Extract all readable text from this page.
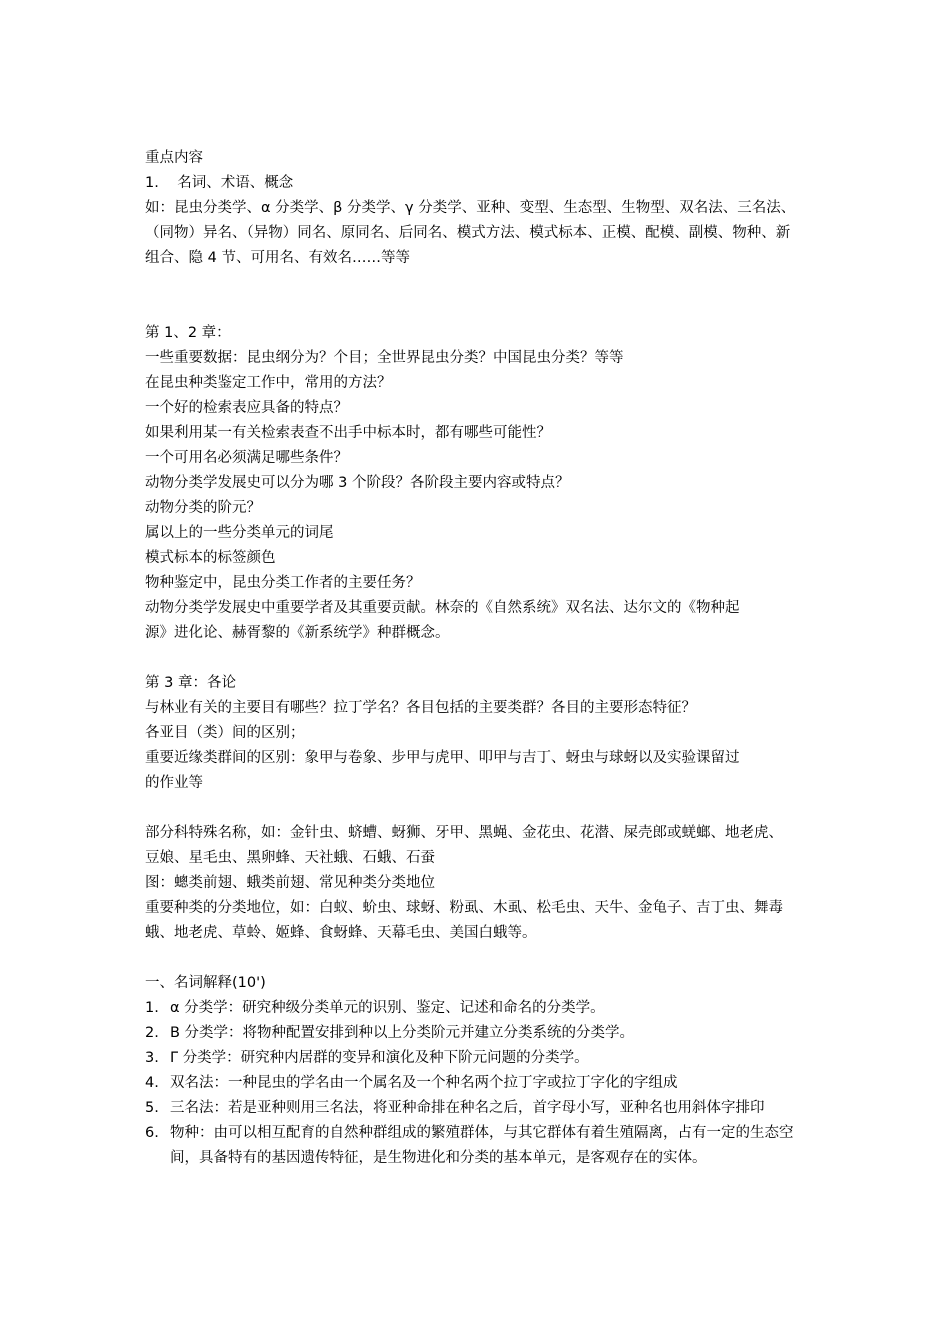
重点内容

1. 名词、术语、概念

如：昆虫分类学、α 分类学、β 分类学、γ 分类学、亚种、变型、生态型、生物型、双名法、三名法、

（同物）异名、（异物）同名、原同名、后同名、模式方法、模式标本、正模、配模、副模、物种、新

组合、隐 4 节、可用名、有效名……等等

第 1、2 章：

一些重要数据：昆虫纲分为？个目；全世界昆虫分类？中国昆虫分类？等等

在昆虫种类鉴定工作中，常用的方法？

一个好的检索表应具备的特点？

如果利用某一有关检索表查不出手中标本时，都有哪些可能性？

一个可用名必须满足哪些条件？

动物分类学发展史可以分为哪 3 个阶段？各阶段主要内容或特点？

动物分类的阶元？

属以上的一些分类单元的词尾

模式标本的标签颜色

物种鉴定中，昆虫分类工作者的主要任务？

动物分类学发展史中重要学者及其重要贡献。林奈的《自然系统》双名法、达尔文的《物种起

源》进化论、赫胥黎的《新系统学》种群概念。

第 3 章：各论

与林业有关的主要目有哪些？拉丁学名？各目包括的主要类群？各目的主要形态特征？

各亚目（类）间的区别；

重要近缘类群间的区别：象甲与卷象、步甲与虎甲、叩甲与吉丁、蚜虫与球蚜以及实验课留过

的作业等

部分科特殊名称，如：金针虫、蛴螬、蚜狮、牙甲、黑蝇、金花虫、花潜、屎壳郎或蜣螂、地老虎、

豆娘、星毛虫、黑卵蜂、天社蛾、石蛾、石蚕

图：蟌类前翅、蛾类前翅、常见种类分类地位

重要种类的分类地位，如：白蚁、蚧虫、球蚜、粉虱、木虱、松毛虫、天牛、金龟子、吉丁虫、舞毒

蛾、地老虎、草蛉、姬蜂、食蚜蜂、天幕毛虫、美国白蛾等。

一、名词解释(10')

1. α 分类学：研究种级分类单元的识别、鉴定、记述和命名的分类学。
2. Β 分类学：将物种配置安排到种以上分类阶元并建立分类系统的分类学。
3. Γ 分类学：研究种内居群的变异和演化及种下阶元问题的分类学。
4. 双名法：一种昆虫的学名由一个属名及一个种名两个拉丁字或拉丁字化的字组成
5. 三名法：若是亚种则用三名法，将亚种命排在种名之后，首字母小写，亚种名也用斜体字排印
6. 物种：由可以相互配育的自然种群组成的繁殖群体，与其它群体有着生殖隔离，占有一定的生态空间，具备特有的基因遗传特征，是生物进化和分类的基本单元，是客观存在的实体。
